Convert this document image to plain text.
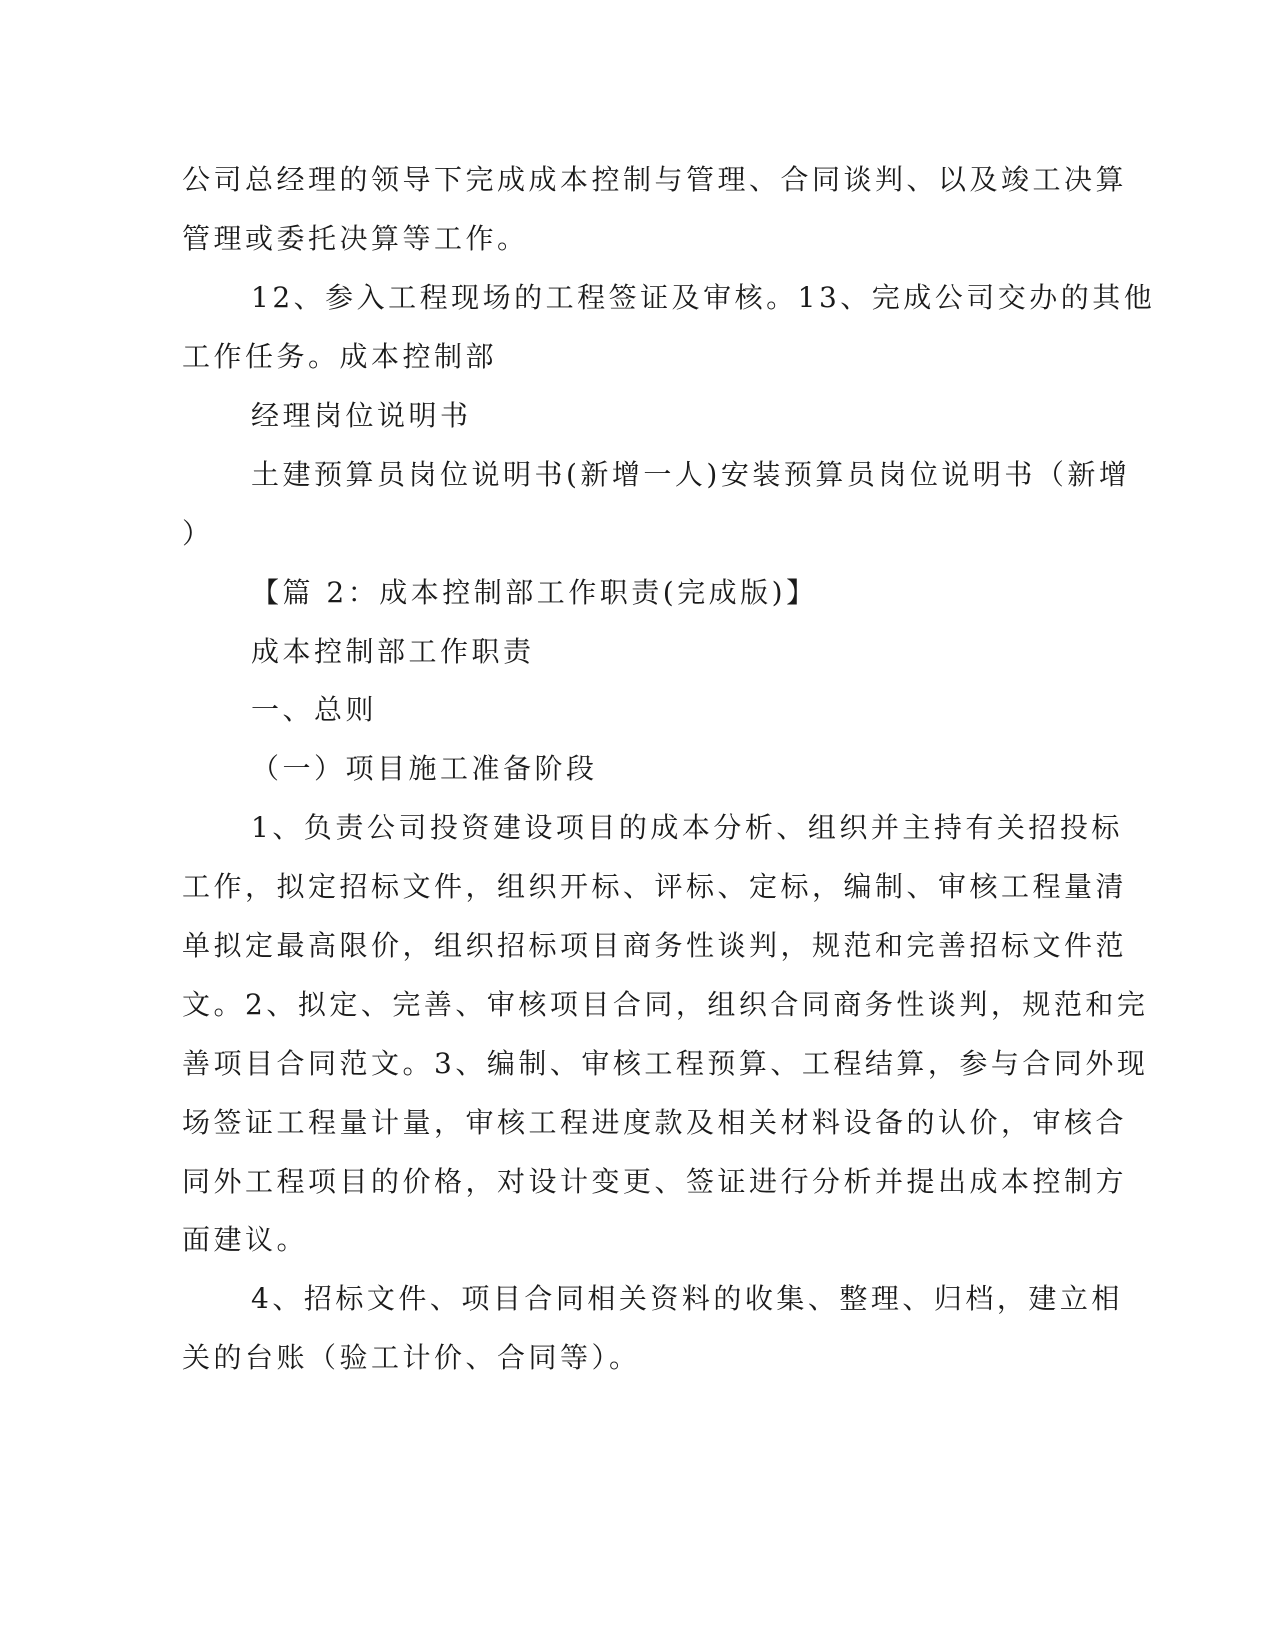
公司总经理的领导下完成成本控制与管理、合同谈判、以及竣工决算
管理或委托决算等工作。
12、参入工程现场的工程签证及审核。13、完成公司交办的其他
工作任务。成本控制部
经理岗位说明书
土建预算员岗位说明书(新增一人)安装预算员岗位说明书（新增
）
【篇 2：成本控制部工作职责(完成版)】
成本控制部工作职责
一、总则
（一）项目施工准备阶段
1、负责公司投资建设项目的成本分析、组织并主持有关招投标
工作，拟定招标文件，组织开标、评标、定标，编制、审核工程量清
单拟定最高限价，组织招标项目商务性谈判，规范和完善招标文件范
文。2、拟定、完善、审核项目合同，组织合同商务性谈判，规范和完
善项目合同范文。3、编制、审核工程预算、工程结算，参与合同外现
场签证工程量计量，审核工程进度款及相关材料设备的认价，审核合
同外工程项目的价格，对设计变更、签证进行分析并提出成本控制方
面建议。
4、招标文件、项目合同相关资料的收集、整理、归档，建立相
关的台账（验工计价、合同等）。
